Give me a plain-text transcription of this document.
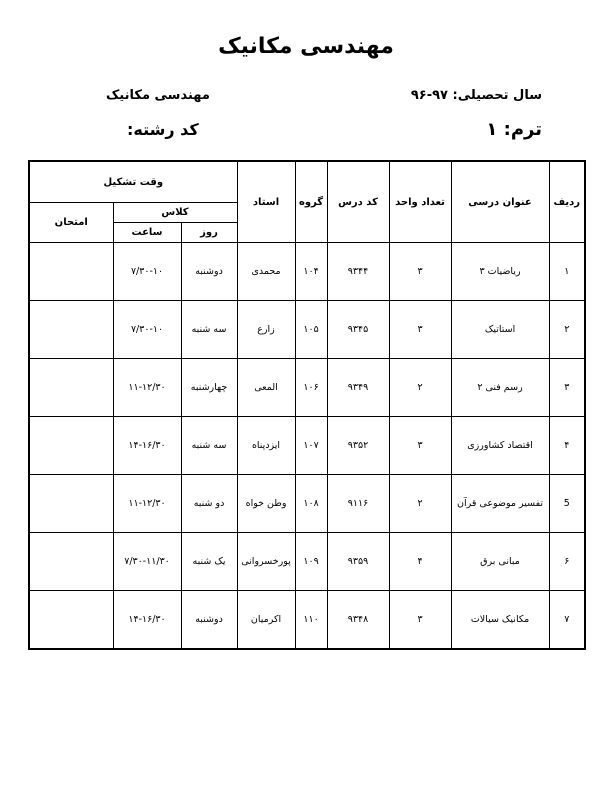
مهندسی مکانیک
سال تحصیلی: ۹۷-۹۶
مهندسی مکانیک
ترم: ۱
کد رشته:
ردیف	عنوان درسی	تعداد واحد	کد درس	گروه	استاد	وقت تشکیل		
						کلاس		امتحان
						روز	ساعت	
۱	ریاضیات ۳	۳	۹۳۴۴	۱۰۴	محمدی	دوشنبه	۷/۳۰-۱۰	
۲	استاتیک	۳	۹۳۴۵	۱۰۵	زارع	سه شنبه	۷/۳۰-۱۰	
۳	رسم فنی ۲	۲	۹۳۴۹	۱۰۶	المعی	چهارشنبه	۱۱-۱۲/۳۰	
۴	اقتصاد کشاورزی	۳	۹۳۵۲	۱۰۷	ایزدپناه	سه شنبه	۱۴-۱۶/۳۰	
5	تفسیر موضوعی قرآن	۲	۹۱۱۶	۱۰۸	وطن خواه	دو شنبه	۱۱-۱۲/۳۰	
۶	مبانی برق	۴	۹۳۵۹	۱۰۹	پورخسروانی	یک شنبه	۷/۳۰-۱۱/۳۰	
۷	مکانیک سیالات	۳	۹۳۴۸	۱۱۰	اکرمیان	دوشنبه	۱۴-۱۶/۳۰	
